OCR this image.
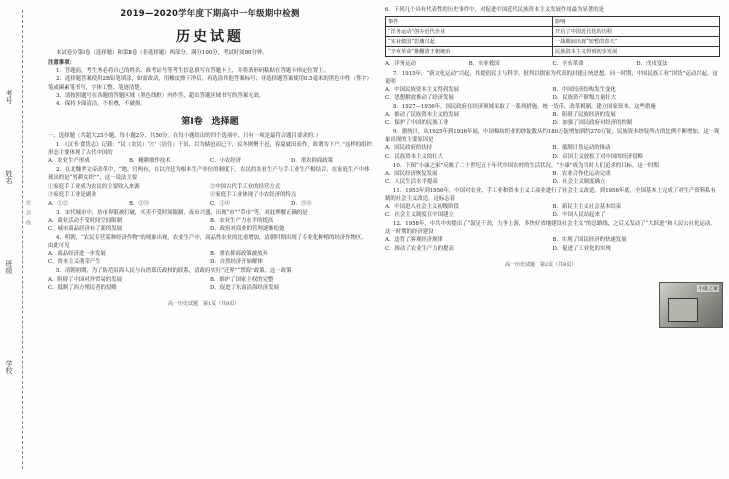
考号
姓名
班级
学校
密　封　线
2019—2020学年度下期高中一年级期中检测
历史试题

本试卷分第Ⅰ卷（选择题）和第Ⅱ卷（非选择题）两部分。满分100分，考试时间90分钟。

注意事项：

1．答题前，考生务必将自己的姓名、准考证号等考生信息填写在答题卡上，并将条形码粘贴在答题卡指定位置上。

2．选择题答案使用2B铅笔填涂，如需改动，用橡皮擦干净后，再选涂其他答案标号；非选择题答案使用0.5毫米的黑色中性（签字）笔或碳素笔书写，字体工整、笔迹清楚。

3．请按照题号在各题的答题区域（黑色线框）内作答，超出答题区域书写的答案无效。

4．保持卡面清洁，不折叠，不破损。

第Ⅰ卷　选择题

一、选择题（共超大25小题，每小题2分，共50分。在每小题给出的四个选项中，只有一项是最符合题目要求的。）

1．《汉书·食货志》记载：“民（农民）‘穴’（居住）于田，以为储邑而已干，民冬则聚于邑，春夏就田而作，故谓为下户。”这样的组织形态主要体现了古代中国的

A．农业生产形成	B．精耕细作技术	C．小农经济	D．重农抑商政策

2．在北魏孝文帝改革中，“地、官两有，在以宫廷为根本生产单位的制度下，农民的农业生产与手工业生产相结合，在家庭生产中体现出的是“男耕女织””，这一说法主要

①家庭手工业成为农民的主要收入来源	②中国古代手工业的经营方式
③家庭手工业是副业	④家庭手工业体现了小农经济的特点
A．①②	B．②③	C．①④	D．③④

3．宋代城市中，坊市界限被打破，买卖不受时间限制，夜市兴盛，出现“市”“草市”等，对此理解正确的是

A．商业活动不受时间空间限制	B．农业生产力水平的提高
C．城市商品经济有了新的发展	D．政府对商业的管理逐渐松弛

4．明朝，“农民专营某种经济作物”的现象出现，农业生产中，商品性农业的比重增加，清朝时期出现了专业化种植的经济作物区。由此可见

A．商品经济进一步发展	B．重农抑商政策被放弃
C．资本主义萌芽产生	D．自然经济开始解体

5．清朝初期，为了防范沿海人民与台湾郑氏政权的联系，清政府实行“迁界”“禁海”政策，这一政策

A．阻碍了中国对外贸易的发展	B．维护了国家主权的完整
C．抵制了西方殖民者的侵略	D．促进了东南沿海经济发展
高一历史试题　第1页（共8页）

6．下列几个具有代表性的历史事件中，对促进中国近代民族资本主义发展作用最为显著的是

事件	影响
“洋务运动”创办近代企业	开启了中国近代化的历程
“实业救国”思潮兴起	一战期间出现“短暂的春天”
“辛亥革命”推翻清王朝统治	民族资本主义得到初步发展
A．洋务运动	B．实业救国	C．辛亥革命	D．戊戌变法

7．1915年，“新文化运动”兴起，其提倡民主与科学，批判以儒家为代表的封建正统思想。同一时期，中国民族工业“国货”运动兴起。这说明

A．中国民族资本主义得到发展	B．中国经济结构发生变化
C．思想解放推动了经济发展	D．民族资产阶级力量壮大

8．1927—1936年，国民政府在经济领域采取了一系列措施，统一货币，改革税制，建立国家资本，这些措施

A．推动了民族资本主义的发展	B．阻碍了民族经济的发展
C．保护了中国的民族工业	D．加强了国民政府对经济的控制

9．据统计，从1925年到1936年间，中国棉纺织业的纱锭数从约180万锭增加到约270万锭，民族资本纱锭所占的比例不断增加。这一现象出现的主要原因是

A．国民政府的扶持	B．抵制日货运动的推动
C．民族资本主义的壮大	D．帝国主义放松了对中国的经济侵略

10．下图“小康之家”反映了二十世纪五十年代中国农村的生活状况。“小康”成为当时人们追求的目标。这一时期

A．国民经济恢复发展	B．农业合作化运动完成
C．人民生活水平提高	D．社会主义制度确立

11．1953年到1956年，中国对农业、手工业和资本主义工商业进行了社会主义改造，到1956年底，全国基本上完成了对生产资料私有制的社会主义改造。这标志着

A．中国进入社会主义初级阶段	B．新民主主义社会基本结束
C．社会主义制度在中国建立	D．中国人民站起来了

12．1958年，中共中央提出了“鼓足干劲，力争上游，多快好省地建设社会主义”的总路线，之后又发动了“大跃进”和人民公社化运动。这一时期的经济建设

A．违背了客观经济规律	B．实现了国民经济的快速发展
C．推动了农业生产力的提高	D．促进了工业化的实现
高一历史试题　第2页（共8页）
小康之家
